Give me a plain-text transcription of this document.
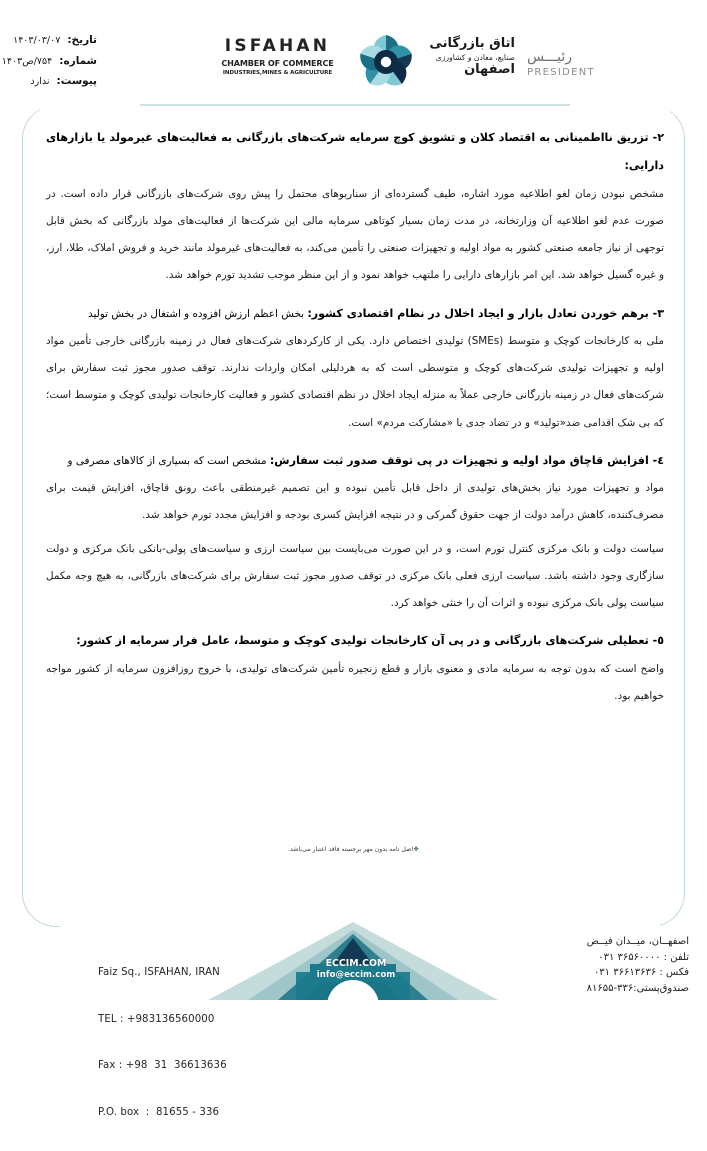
تاریخ: ۱۴۰۳/۰۳/۰۷
شماره: ۷۵۴/ص۱۴۰۳
پیوست: ندارد
ISFAHAN
CHAMBER OF COMMERCE
INDUSTRIES,MINES & AGRICULTURE
اتاق بازرگانی
صنایع، معادن و کشاورزی
اصفهان
رئیـــس
PRESIDENT
۲- تزریق نااطمینانی به اقتصاد کلان و تشویق کوچ سرمایه شرکت‌های بازرگانی به فعالیت‌های غیرمولد یا بازارهای دارایی:
مشخص نبودن زمان لغو اطلاعیه مورد اشاره، طیف گسترده‌ای از سناریوهای محتمل را پیش روی شرکت‌های بازرگانی قرار داده است. در صورت عدم لغو اطلاعیه آن وزارتخانه، در مدت زمان بسیار کوتاهی سرمایه مالی این شرکت‌ها از فعالیت‌های مولد بازرگانی که بخش قابل توجهی از نیاز جامعه صنعتی کشور به مواد اولیه و تجهیزات صنعتی را تأمین می‌کند، به فعالیت‌های غیرمولد مانند خرید و فروش املاک، طلا، ارز، و غیره گسیل خواهد شد. این امر بازارهای دارایی را ملتهب خواهد نمود و از این منظر موجب تشدید تورم خواهد شد.
۳- برهم خوردن تعادل بازار و ایجاد اخلال در نظام اقتصادی کشور: بخش اعظم ارزش افزوده و اشتغال در بخش تولید
ملی به کارخانجات کوچک و متوسط (SMEs) تولیدی اختصاص دارد. یکی از کارکردهای شرکت‌های فعال در زمینه بازرگانی خارجی تأمین مواد اولیه و تجهیزات تولیدی شرکت‌های کوچک و متوسطی است که به هردلیلی امکان واردات ندارند. توقف صدور مجوز ثبت سفارش برای شرکت‌های فعال در زمینه بازرگانی خارجی عملاً به منزله ایجاد اخلال در نظم اقتصادی کشور و فعالیت کارخانجات تولیدی کوچک و متوسط است؛ که بی شک اقدامی ضد«تولید» و در تضاد جدی با «مشارکت مردم» است.
٤- افزایش قاچاق مواد اولیه و تجهیزات در پی توقف صدور ثبت سفارش: مشخص است که بسیاری از کالاهای مصرفی و
مواد و تجهیزات مورد نیاز بخش‌های تولیدی از داخل قابل تأمین نبوده و این تصمیم غیرمنطقی باعث رونق قاچاق، افزایش قیمت برای مصرف‌کننده، کاهش درآمد دولت از جهت حقوق گمرکی و در نتیجه افزایش کسری بودجه و افزایش مجدد تورم خواهد شد.
سیاست دولت و بانک مرکزی کنترل تورم است، و در این صورت می‌بایست بین سیاست ارزی و سیاست‌های پولی-بانکی بانک مرکزی و دولت سازگاری وجود داشته باشد. سیاست ارزی فعلی بانک مرکزی در توقف صدور مجوز ثبت سفارش برای شرکت‌های بازرگانی، به هیچ وجه مکمل سیاست پولی بانک مرکزی نبوده و اثرات آن را خنثی خواهد کرد.
٥- تعطیلی شرکت‌های بازرگانی و در پی آن کارخانجات تولیدی کوچک و متوسط، عامل فرار سرمایه از کشور:
واضح است که بدون توجه به سرمایه مادی و معنوی بازار و قطع زنجیره تأمین شرکت‌های تولیدی، با خروج روزافزون سرمایه از کشور مواجه خواهیم بود.
❖اصل نامه بدون مهر برجسته فاقد اعتبار می‌باشد.

Faiz Sq., ISFAHAN, IRAN

TEL : +983136560000

Fax : +98  31  36613636

P.O. box  :  81655 - 336

اصفهــان، میــدان فیــض
تلفن : ۳۶۵۶۰۰۰۰ ۰۳۱
فکس : ۳۶۶۱۳۶۳۶ ۰۳۱
صندوق‌پستی:۳۳۶-۸۱۶۵۵
ECCIM.COM
info@eccim.com
